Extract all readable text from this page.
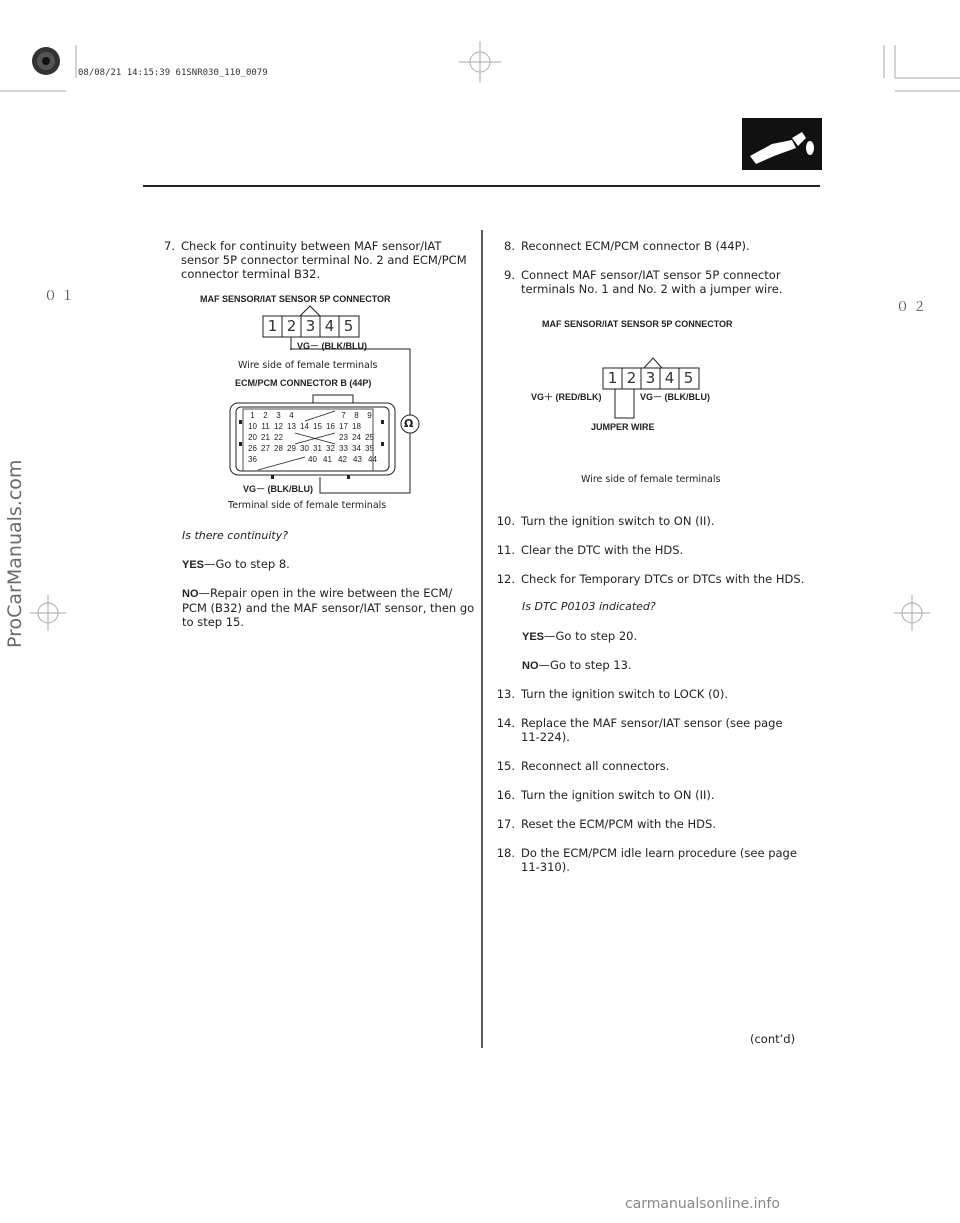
08/08/21 14:15:39 61SNR030_110_0079
０１
０２
7. Check for continuity between MAF sensor/IAT
sensor 5P connector terminal No. 2 and ECM/PCM
connector terminal B32.
MAF SENSOR/IAT SENSOR 5P CONNECTOR
1 2 3 4 5
VG－ (BLK/BLU)
Wire side of female terminals
ECM/PCM CONNECTOR B (44P)
Ω
1	2	3	4	7	8	9
10 11 12 13 14 15 16 17 18
20 21 22	23 24 25
26 27 28 29 30 31 32 33 34 35
36	40 41 42 43 44
VG－ (BLK/BLU)
Terminal side of female terminals
Is there continuity?
YES—Go to step 8.
NO—Repair open in the wire between the ECM/
PCM (B32) and the MAF sensor/IAT sensor, then go
to step 15.
8. Reconnect ECM/PCM connector B (44P).
9. Connect MAF sensor/IAT sensor 5P connector
terminals No. 1 and No. 2 with a jumper wire.
MAF SENSOR/IAT SENSOR 5P CONNECTOR
1 2 3 4 5
VG＋ (RED/BLK)	VG－ (BLK/BLU)
JUMPER WIRE
Wire side of female terminals
10. Turn the ignition switch to ON (II).
11. Clear the DTC with the HDS.
12. Check for Temporary DTCs or DTCs with the HDS.
Is DTC P0103 indicated?
YES—Go to step 20.
NO—Go to step 13.
13. Turn the ignition switch to LOCK (0).
14. Replace the MAF sensor/IAT sensor (see page
11-224).
15. Reconnect all connectors.
16. Turn the ignition switch to ON (II).
17. Reset the ECM/PCM with the HDS.
18. Do the ECM/PCM idle learn procedure (see page
11-310).
(cont’d)
ProCarManuals.com
carmanualsonline.info
